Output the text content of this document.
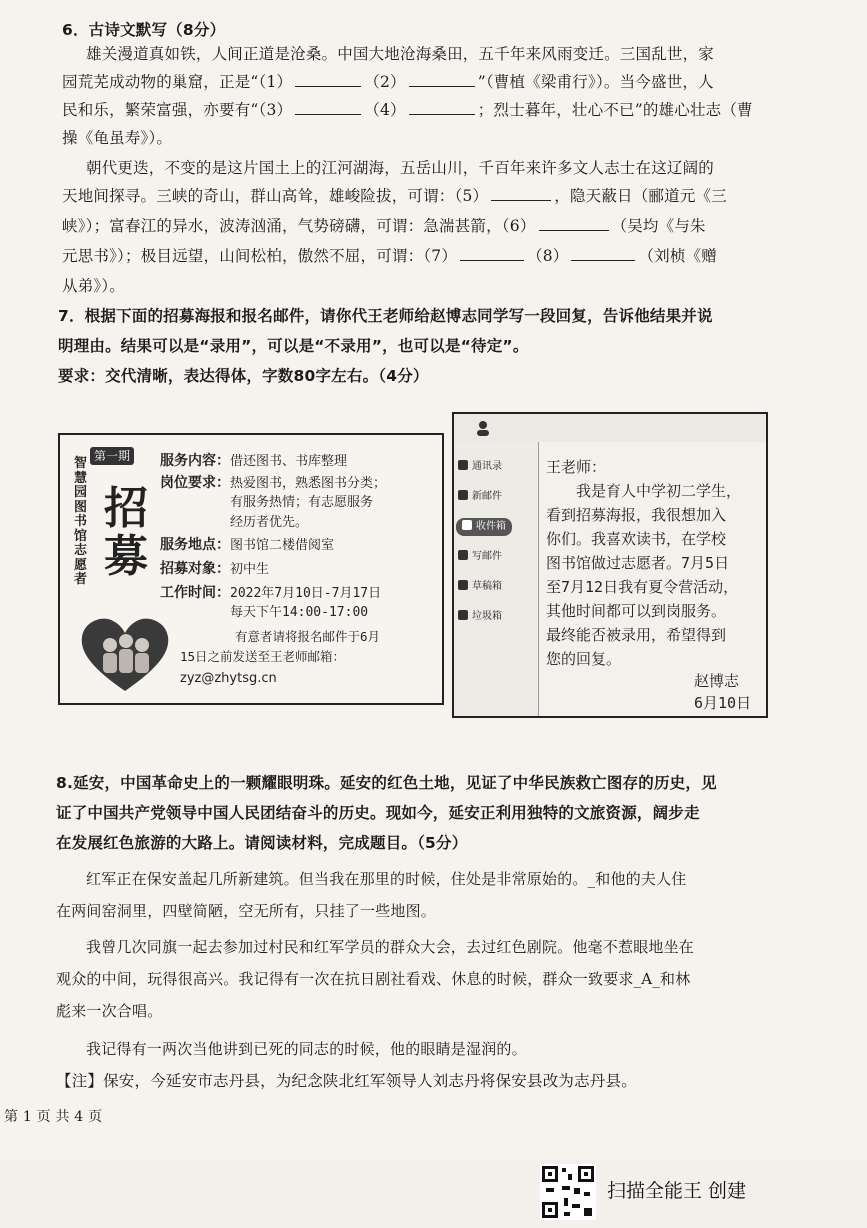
6．古诗文默写（8分）
雄关漫道真如铁，人间正道是沧桑。中国大地沧海桑田，五千年来风雨变迁。三国乱世，家
园荒芜成动物的巢窟，正是“（1）	（2）	”（曹植《梁甫行》）。当今盛世，人
民和乐，繁荣富强，亦要有“（3）	（4）	；烈士暮年，壮心不已”的雄心壮志（曹
操《龟虽寿》）。
朝代更迭，不变的是这片国土上的江河湖海，五岳山川，千百年来许多文人志士在这辽阔的
天地间探寻。三峡的奇山，群山高耸，雄峻险拔，可谓：（5）	，隐天蔽日（郦道元《三
峡》）；富春江的异水，波涛汹涌，气势磅礴，可谓：急湍甚箭，（6）	（吴均《与朱
元思书》）；极目远望，山间松柏，傲然不屈，可谓：（7）	（8）	（刘桢《赠
从弟》）。
7．根据下面的招募海报和报名邮件，请你代王老师给赵博志同学写一段回复，告诉他结果并说
明理由。结果可以是“录用”，可以是“不录用”，也可以是“待定”。
要求：交代清晰，表达得体，字数80字左右。（4分）
第一期
智慧园图书馆志愿者
招
募
服务内容：借还图书、书库整理
岗位要求：热爱图书，熟悉图书分类；
有服务热情；有志愿服务
经历者优先。
服务地点：图书馆二楼借阅室
招募对象：初中生
工作时间：2022年7月10日-7月17日
每天下午14:00-17:00
有意者请将报名邮件于6月
15日之前发送至王老师邮箱：
zyz@zhytsg.cn
通讯录
新邮件
收件箱
写邮件
草稿箱
垃圾箱
王老师：
　　我是育人中学初二学生，
看到招募海报，我很想加入
你们。我喜欢读书，在学校
图书馆做过志愿者。7月5日
至7月12日我有夏令营活动，
其他时间都可以到岗服务。
最终能否被录用，希望得到
您的回复。
赵博志
6月10日
8.延安，中国革命史上的一颗耀眼明珠。延安的红色土地，见证了中华民族救亡图存的历史，见
证了中国共产党领导中国人民团结奋斗的历史。现如今，延安正利用独特的文旅资源，阔步走
在发展红色旅游的大路上。请阅读材料，完成题目。（5分）
红军正在保安盖起几所新建筑。但当我在那里的时候，住处是非常原始的。_和他的夫人住
在两间窑洞里，四壁简陋，空无所有，只挂了一些地图。
我曾几次同旗一起去参加过村民和红军学员的群众大会，去过红色剧院。他毫不惹眼地坐在
观众的中间，玩得很高兴。我记得有一次在抗日剧社看戏、休息的时候，群众一致要求_A_和林
彪来一次合唱。
我记得有一两次当他讲到已死的同志的时候，他的眼睛是湿润的。
【注】保安，今延安市志丹县，为纪念陕北红军领导人刘志丹将保安县改为志丹县。
第 1 页 共 4 页
扫描全能王 创建
